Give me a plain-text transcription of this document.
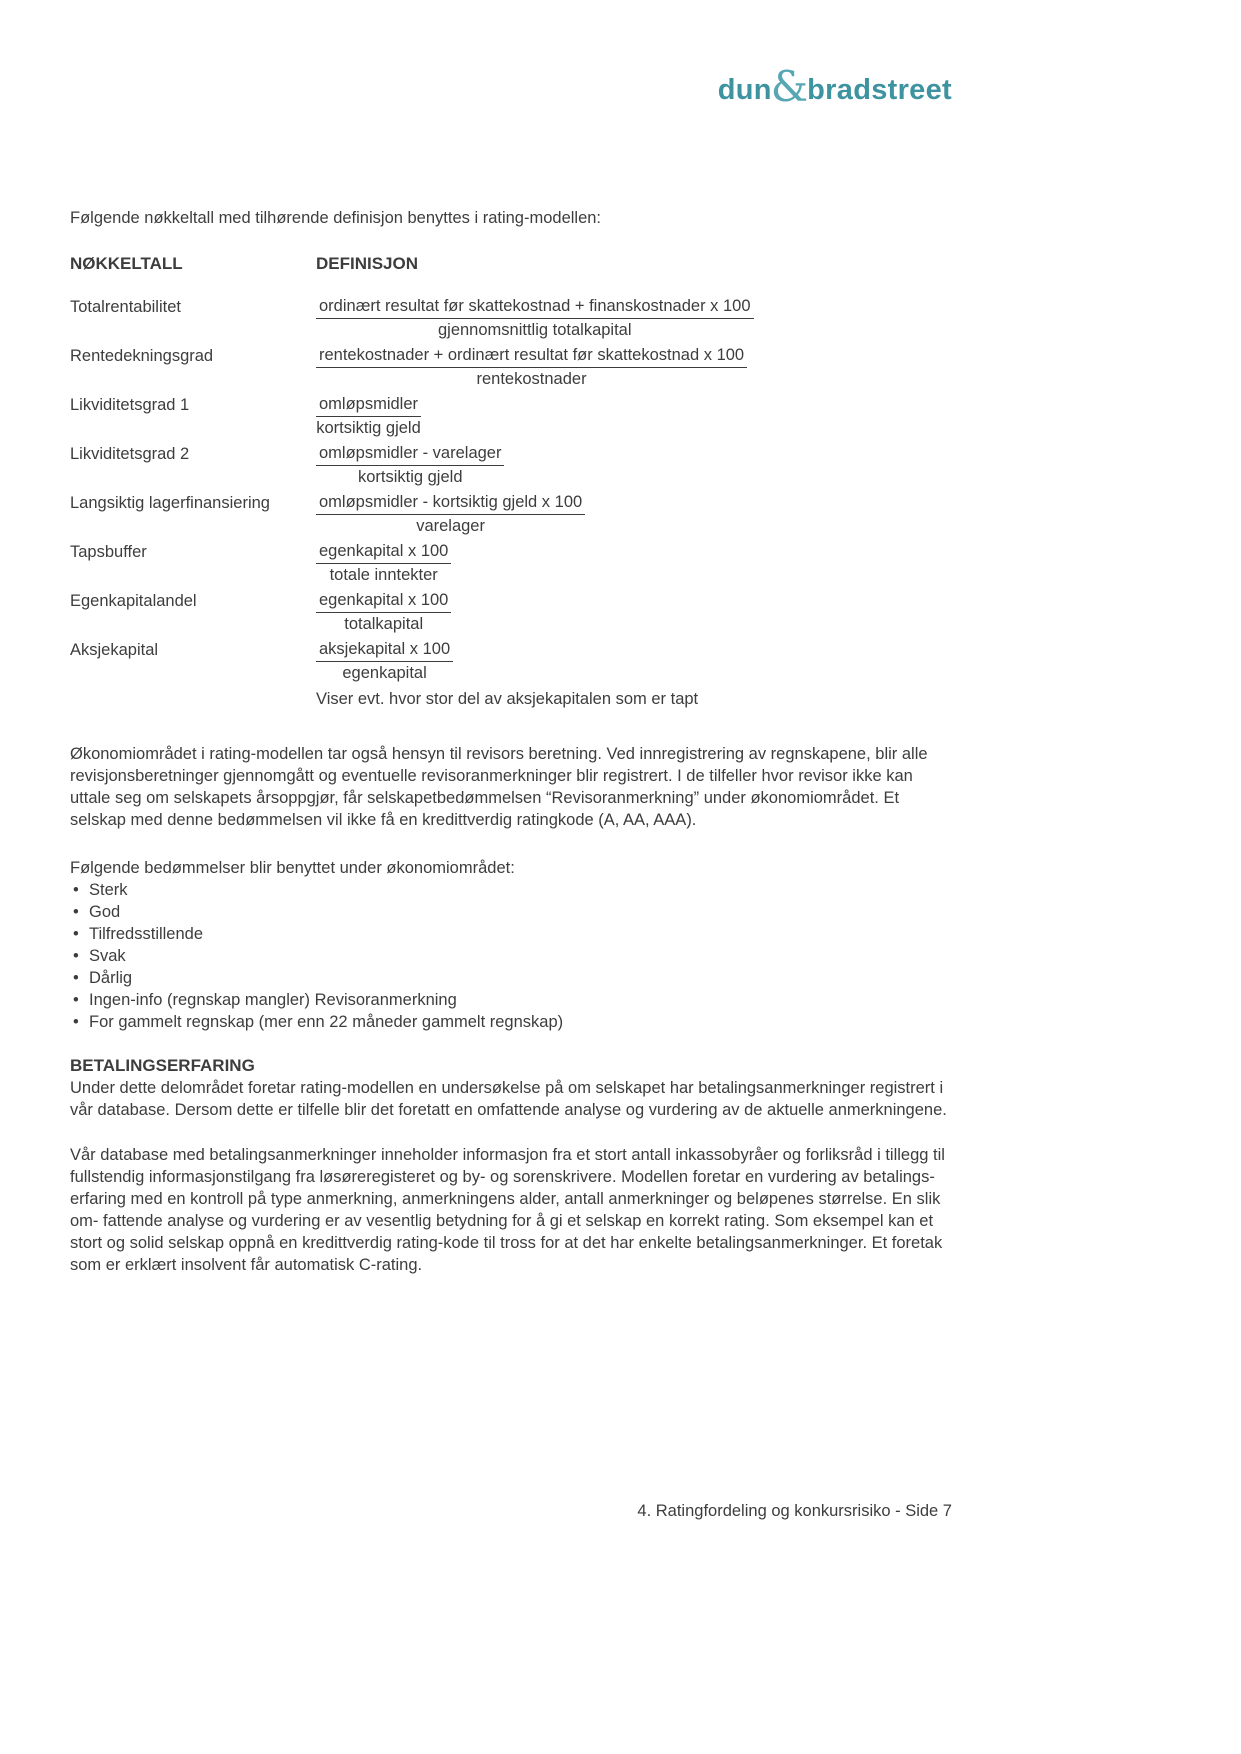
dun & bradstreet

Følgende nøkkeltall med tilhørende definisjon benyttes i rating-modellen:

NØKKELTALL	DEFINISJON
Totalrentabilitet	$\frac{\text{ordinært resultat før skattekostnad + finanskostnader x 100}}{\text{gjennomsnittlig totalkapital}}$
Rentedekningsgrad	$\frac{\text{rentekostnader + ordinært resultat før skattekostnad x 100}}{\text{rentekostnader}}$
Likviditetsgrad 1	$\frac{\text{omløpsmidler}}{\text{kortsiktig gjeld}}$
Likviditetsgrad 2	$\frac{\text{omløpsmidler - varelager}}{\text{kortsiktig gjeld}}$
Langsiktig lagerfinansiering	$\frac{\text{omløpsmidler - kortsiktig gjeld x 100}}{\text{varelager}}$
Tapsbuffer	$\frac{\text{egenkapital x 100}}{\text{totale inntekter}}$
Egenkapitalandel	$\frac{\text{egenkapital x 100}}{\text{totalkapital}}$
Aksjekapital	$\frac{\text{aksjekapital x 100}}{\text{egenkapital}}$
Viser evt. hvor stor del av aksjekapitalen som er tapt

Økonomiområdet i rating-modellen tar også hensyn til revisors beretning. Ved innregistrering av regnskapene, blir alle revisjonsberetninger gjennomgått og eventuelle revisoranmerkninger blir registrert. I de tilfeller hvor revisor ikke kan uttale seg om selskapets årsoppgjør, får selskapetbedømmelsen “Revisoranmerkning” under økonomiområdet. Et selskap med denne bedømmelsen vil ikke få en kredittverdig ratingkode (A, AA, AAA).

Følgende bedømmelser blir benyttet under økonomiområdet:

• Sterk
• God
• Tilfredsstillende
• Svak
• Dårlig
• Ingen-info (regnskap mangler) Revisoranmerkning
• For gammelt regnskap (mer enn 22 måneder gammelt regnskap)
BETALINGSERFARING

Under dette delområdet foretar rating-modellen en undersøkelse på om selskapet har betalingsanmerkninger registrert i vår database. Dersom dette er tilfelle blir det foretatt en omfattende analyse og vurdering av de aktuelle anmerkningene.

Vår database med betalingsanmerkninger inneholder informasjon fra et stort antall inkassobyråer og forliksråd i tillegg til fullstendig informasjonstilgang fra løsøreregisteret og by- og sorenskrivere. Modellen foretar en vurdering av betalings- erfaring med en kontroll på type anmerkning, anmerkningens alder, antall anmerkninger og beløpenes størrelse. En slik om- fattende analyse og vurdering er av vesentlig betydning for å gi et selskap en korrekt rating. Som eksempel kan et stort og solid selskap oppnå en kredittverdig rating-kode til tross for at det har enkelte betalingsanmerkninger. Et foretak som er erklært insolvent får automatisk C-rating.

4. Ratingfordeling og konkursrisiko - Side 7
